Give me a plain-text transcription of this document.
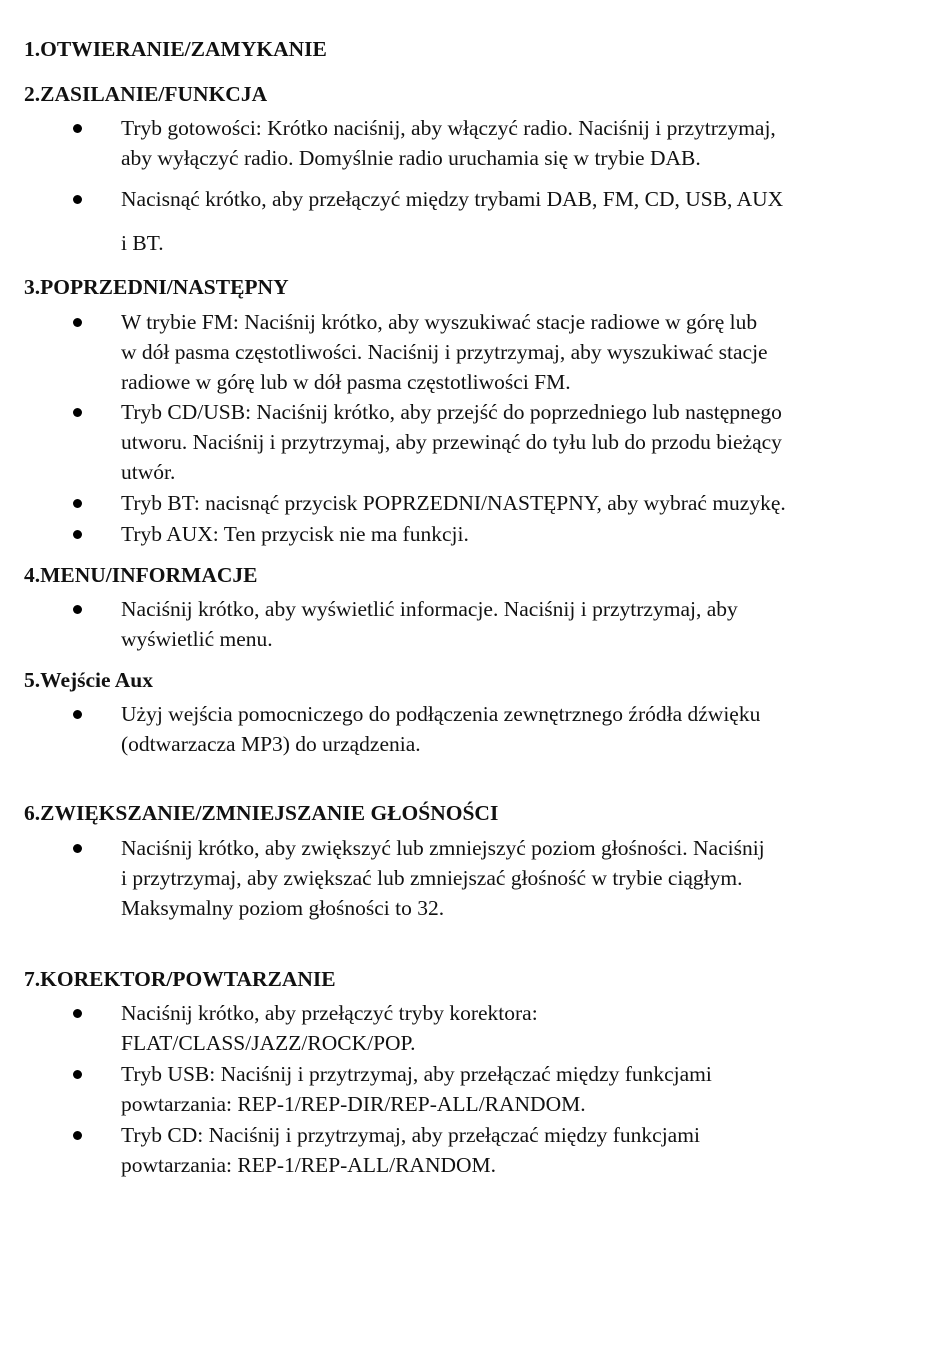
1.OTWIERANIE/ZAMYKANIE
2.ZASILANIE/FUNKCJA
Tryb gotowości: Krótko naciśnij, aby włączyć radio. Naciśnij i przytrzymaj,
aby wyłączyć radio. Domyślnie radio uruchamia się w trybie DAB.
Nacisnąć krótko, aby przełączyć między trybami DAB, FM, CD, USB, AUX
i BT.
3.POPRZEDNI/NASTĘPNY
W trybie FM: Naciśnij krótko, aby wyszukiwać stacje radiowe w górę lub
w dół pasma częstotliwości. Naciśnij i przytrzymaj, aby wyszukiwać stacje
radiowe w górę lub w dół pasma częstotliwości FM.
Tryb CD/USB: Naciśnij krótko, aby przejść do poprzedniego lub następnego
utworu. Naciśnij i przytrzymaj, aby przewinąć do tyłu lub do przodu bieżący
utwór.
Tryb BT: nacisnąć przycisk POPRZEDNI/NASTĘPNY, aby wybrać muzykę.
Tryb AUX: Ten przycisk nie ma funkcji.
4.MENU/INFORMACJE
Naciśnij krótko, aby wyświetlić informacje. Naciśnij i przytrzymaj, aby
wyświetlić menu.
5.Wejście Aux
Użyj wejścia pomocniczego do podłączenia zewnętrznego źródła dźwięku
(odtwarzacza MP3) do urządzenia.
6.ZWIĘKSZANIE/ZMNIEJSZANIE GŁOŚNOŚCI
Naciśnij krótko, aby zwiększyć lub zmniejszyć poziom głośności. Naciśnij
i przytrzymaj, aby zwiększać lub zmniejszać głośność w trybie ciągłym.
Maksymalny poziom głośności to 32.
7.KOREKTOR/POWTARZANIE
Naciśnij krótko, aby przełączyć tryby korektora:
FLAT/CLASS/JAZZ/ROCK/POP.
Tryb USB: Naciśnij i przytrzymaj, aby przełączać między funkcjami
powtarzania: REP-1/REP-DIR/REP-ALL/RANDOM.
Tryb CD: Naciśnij i przytrzymaj, aby przełączać między funkcjami
powtarzania: REP-1/REP-ALL/RANDOM.
